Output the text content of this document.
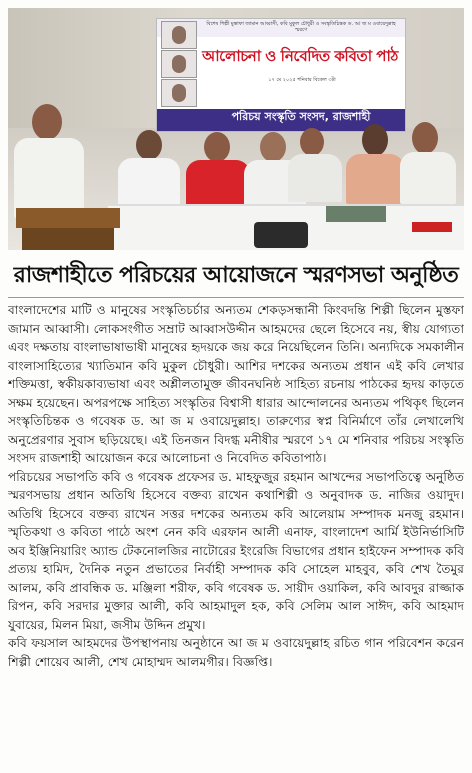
বিশেষ শিল্পী মুস্তাফা জামান আব্বাসী, কবি মুকুল চৌধুরী ও সংস্কৃতিচিন্তক ড. আ জ ম ওবায়েদুল্লাহ স্মরণে
আলোচনা ও নিবেদিত কবিতা পাঠ
১৭ মে ২০২৫ শনিবার বিকেল ৩টা
পরিচয় সংস্কৃতি সংসদ, রাজশাহী
রাজশাহীতে পরিচয়ের আয়োজনে স্মরণসভা অনুষ্ঠিত

বাংলাদেশের মাটি ও মানুষের সংস্কৃতিচর্চার অন্যতম শেকড়সন্ধানী কিংবদন্তি শিল্পী ছিলেন মুস্তফা জামান আব্বাসী। লোকসংগীত সম্রাট আব্বাসউদ্দীন আহমদের ছেলে হিসেবে নয়, স্বীয় যোগ্যতা এবং দক্ষতায় বাংলাভাষাভাষী মানুষের হৃদয়কে জয় করে নিয়েছিলেন তিনি। অন্যদিকে সমকালীন বাংলাসাহিত্যের খ্যাতিমান কবি মুকুল চৌধুরী। আশির দশকের অন্যতম প্রধান এই কবি লেখার শক্তিমত্তা, স্বকীয়কাব্যভাষা এবং অশ্লীলতামুক্ত জীবনঘনিষ্ঠ সাহিত্য রচনায় পাঠকের হৃদয় কাড়তে সক্ষম হয়েছেন। অপরপক্ষে সাহিত্য সংস্কৃতির বিশ্বাসী ধারার আন্দোলনের অন্যতম পথিকৃৎ ছিলেন সংস্কৃতিচিন্তক ও গবেষক ড. আ জ ম ওবায়েদুল্লাহ। তারুণ্যের স্বপ্ন বিনির্মাণে তাঁর লেখালেখি অনুপ্রেরণার সুবাস ছড়িয়েছে। এই তিনজন বিদগ্ধ মনীষীর স্মরণে ১৭ মে শনিবার পরিচয় সংস্কৃতি সংসদ রাজশাহী আয়োজন করে আলোচনা ও নিবেদিত কবিতাপাঠ।

পরিচয়ের সভাপতি কবি ও গবেষক প্রফেসর ড. মাহফুজুর রহমান আখন্দের সভাপতিত্বে অনুষ্ঠিত স্মরণসভায় প্রধান অতিথি হিসেবে বক্তব্য রাখেন কথাশিল্পী ও অনুবাদক ড. নাজির ওয়াদুদ। অতিথি হিসেবে বক্তব্য রাখেন সত্তর দশকের অন্যতম কবি আলেয়াম সম্পাদক মনজু রহমান। স্মৃতিকথা ও কবিতা পাঠে অংশ নেন কবি এরফান আলী এনাফ, বাংলাদেশ আর্মি ইউনির্ভাসিটি অব ইঞ্জিনিয়ারিং অ্যান্ড টেকনোলজির নাটোরের ইংরেজি বিভাগের প্রধান হাইফেন সম্পাদক কবি প্রত্যয় হামিদ, দৈনিক নতুন প্রভাতের নির্বাহী সম্পাদক কবি সোহেল মাহবুব, কবি শেখ তৈমুর আলম, কবি প্রাবন্ধিক ড. মঞ্জিলা শরীফ, কবি গবেষক ড. সায়ীদ ওয়াকিল, কবি আবদুর রাজ্জাক রিপন, কবি সরদার মুক্তার আলী, কবি আহমাদুল হক, কবি সেলিম আল সাঈদ, কবি আহমাদ যুবায়ের, মিলন মিয়া, জসীম উদ্দিন প্রমুখ।

কবি ফয়সাল আহমদের উপস্থাপনায় অনুষ্ঠানে আ জ ম ওবায়েদুল্লাহ রচিত গান পরিবেশন করেন শিল্পী শোয়েব আলী, শেখ মোহাম্মদ আলমগীর। বিজ্ঞপ্তি।
